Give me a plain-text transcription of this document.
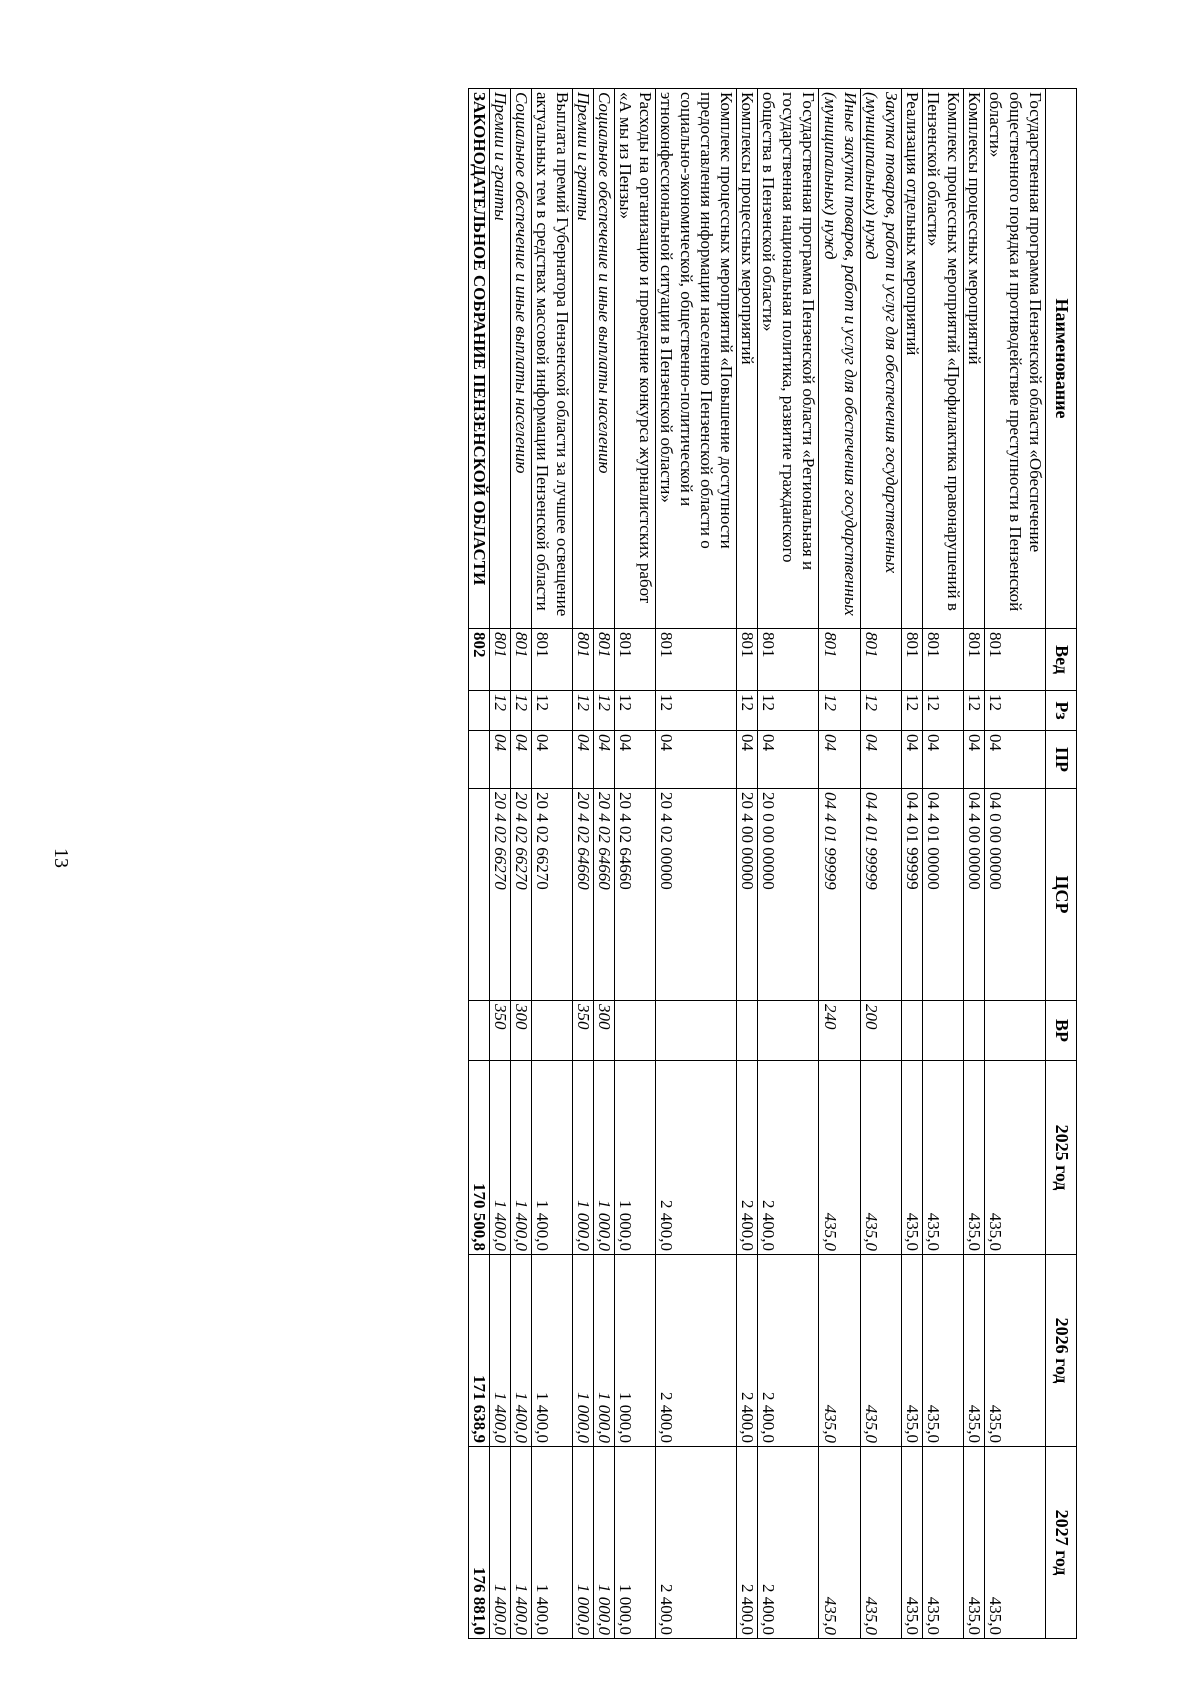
13
Наименование	Вед	Рз	ПР	ЦСР	ВР	2025 год	2026 год	2027 год
Государственная программа Пензенской области «Обеспечение общественного порядка и противодействие преступности в Пензенской области»	801	12	04	04 0 00 00000		435,0	435,0	435,0
Комплексы процессных мероприятий	801	12	04	04 4 00 00000		435,0	435,0	435,0
Комплекс процессных мероприятий «Профилактика правонарушений в Пензенской области»	801	12	04	04 4 01 00000		435,0	435,0	435,0
Реализация отдельных мероприятий	801	12	04	04 4 01 99999		435,0	435,0	435,0
Закупка товаров, работ и услуг для обеспечения государственных (муниципальных) нужд	801	12	04	04 4 01 99999	200	435,0	435,0	435,0
Иные закупки товаров, работ и услуг для обеспечения государственных (муниципальных) нужд	801	12	04	04 4 01 99999	240	435,0	435,0	435,0
Государственная программа Пензенской области «Региональная и государственная национальная политика, развитие гражданского общества в Пензенской области»	801	12	04	20 0 00 00000		2 400,0	2 400,0	2 400,0
Комплексы процессных мероприятий	801	12	04	20 4 00 00000		2 400,0	2 400,0	2 400,0
Комплекс процессных мероприятий «Повышение доступности предоставления информации населению Пензенской области о социально-экономической, общественно-политической и этноконфессиональной ситуации в Пензенской области»	801	12	04	20 4 02 00000		2 400,0	2 400,0	2 400,0
Расходы на организацию и проведение конкурса журналистских работ «А мы из Пензы»	801	12	04	20 4 02 64660		1 000,0	1 000,0	1 000,0
Социальное обеспечение и иные выплаты населению	801	12	04	20 4 02 64660	300	1 000,0	1 000,0	1 000,0
Премии и гранты	801	12	04	20 4 02 64660	350	1 000,0	1 000,0	1 000,0
Выплата премий Губернатора Пензенской области за лучшее освещение актуальных тем в средствах массовой информации Пензенской области	801	12	04	20 4 02 66270		1 400,0	1 400,0	1 400,0
Социальное обеспечение и иные выплаты населению	801	12	04	20 4 02 66270	300	1 400,0	1 400,0	1 400,0
Премии и гранты	801	12	04	20 4 02 66270	350	1 400,0	1 400,0	1 400,0
ЗАКОНОДАТЕЛЬНОЕ СОБРАНИЕ ПЕНЗЕНСКОЙ ОБЛАСТИ	802					170 500,8	171 638,9	176 881,0
